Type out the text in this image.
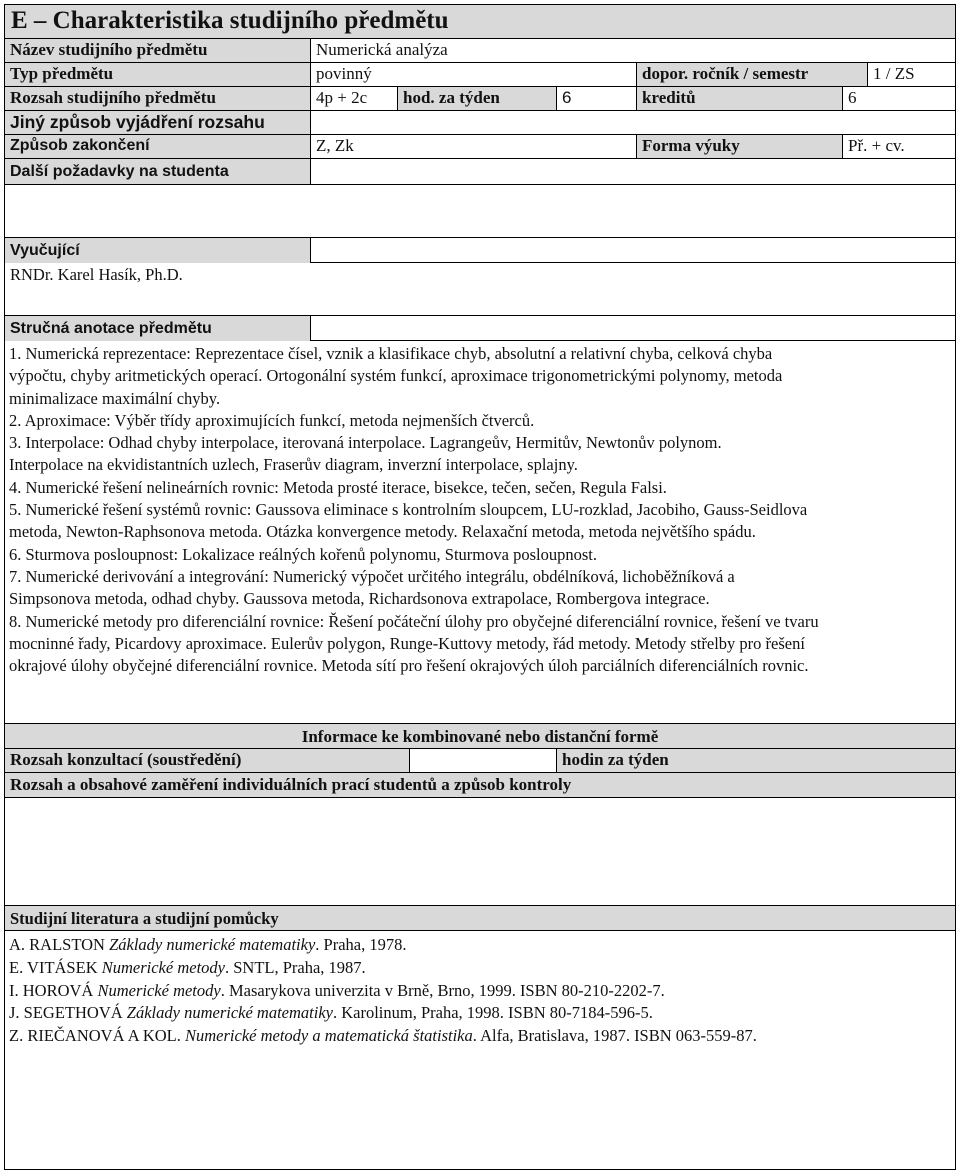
E – Charakteristika studijního předmětu
Název studijního předmětu	Numerická analýza
Typ předmětu	povinný	dopor. ročník / semestr	1 / ZS
Rozsah studijního předmětu	4p + 2c	hod. za týden	6	kreditů	6
Jiný způsob vyjádření rozsahu
Způsob zakončení	Z, Zk	Forma výuky	Př. + cv.
Další požadavky na studenta
Vyučující
RNDr. Karel Hasík, Ph.D.
Stručná anotace předmětu

1. Numerická reprezentace: Reprezentace čísel, vznik a klasifikace chyb, absolutní a relativní chyba, celková chyba

výpočtu, chyby aritmetických operací. Ortogonální systém funkcí, aproximace trigonometrickými polynomy, metoda

minimalizace maximální chyby.

2. Aproximace: Výběr třídy aproximujících funkcí, metoda nejmenších čtverců.

3. Interpolace: Odhad chyby interpolace, iterovaná interpolace. Lagrangeův, Hermitův, Newtonův polynom.

Interpolace na ekvidistantních uzlech, Fraserův diagram, inverzní interpolace, splajny.

4. Numerické řešení nelineárních rovnic: Metoda prosté iterace, bisekce, tečen, sečen, Regula Falsi.

5. Numerické řešení systémů rovnic: Gaussova eliminace s kontrolním sloupcem, LU-rozklad, Jacobiho, Gauss-Seidlova

metoda, Newton-Raphsonova metoda. Otázka konvergence metody. Relaxační metoda, metoda největšího spádu.

6. Sturmova posloupnost: Lokalizace reálných kořenů polynomu, Sturmova posloupnost.

7. Numerické derivování a integrování: Numerický výpočet určitého integrálu, obdélníková, lichoběžníková a

Simpsonova metoda, odhad chyby. Gaussova metoda, Richardsonova extrapolace, Rombergova integrace.

8. Numerické metody pro diferenciální rovnice: Řešení počáteční úlohy pro obyčejné diferenciální rovnice, řešení ve tvaru

mocninné řady, Picardovy aproximace. Eulerův polygon, Runge-Kuttovy metody, řád metody. Metody střelby pro řešení

okrajové úlohy obyčejné diferenciální rovnice. Metoda sítí pro řešení okrajových úloh parciálních diferenciálních rovnic.

Informace ke kombinované nebo distanční formě
Rozsah konzultací (soustředění)	hodin za týden
Rozsah a obsahové zaměření individuálních prací studentů a způsob kontroly
Studijní literatura a studijní pomůcky

A. RALSTON Základy numerické matematiky. Praha, 1978.

E. VITÁSEK Numerické metody. SNTL, Praha, 1987.

I. HOROVÁ Numerické metody. Masarykova univerzita v Brně, Brno, 1999. ISBN 80-210-2202-7.

J. SEGETHOVÁ Základy numerické matematiky. Karolinum, Praha, 1998. ISBN 80-7184-596-5.

Z. RIEČANOVÁ A KOL. Numerické metody a matematická štatistika. Alfa, Bratislava, 1987. ISBN 063-559-87.
